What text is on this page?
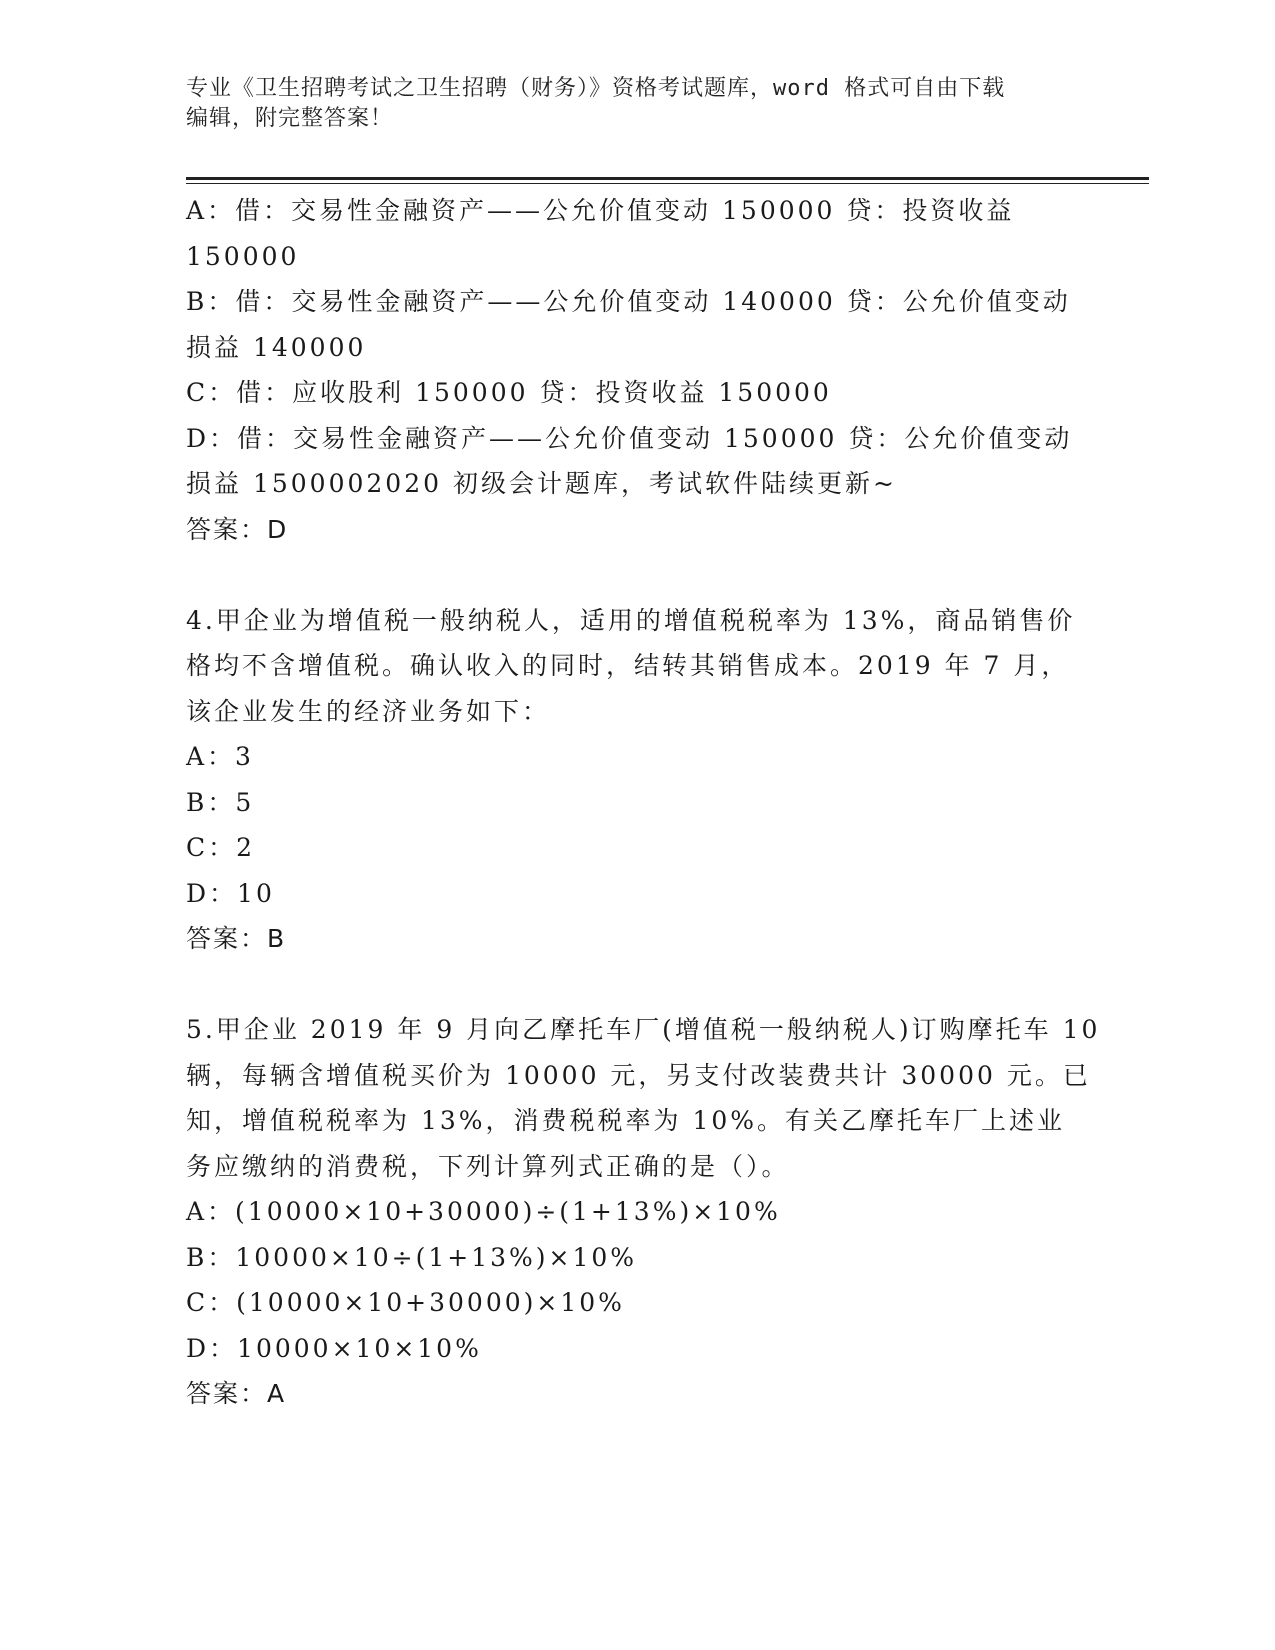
专业《卫生招聘考试之卫生招聘（财务）》资格考试题库，word 格式可自由下载
编辑，附完整答案！
A：借：交易性金融资产——公允价值变动 150000 贷：投资收益
150000
B：借：交易性金融资产——公允价值变动 140000 贷：公允价值变动
损益 140000
C：借：应收股利 150000 贷：投资收益 150000
D：借：交易性金融资产——公允价值变动 150000 贷：公允价值变动
损益 1500002020 初级会计题库，考试软件陆续更新~
答案：D
4.甲企业为增值税一般纳税人，适用的增值税税率为 13%，商品销售价
格均不含增值税。确认收入的同时，结转其销售成本。2019 年 7 月，
该企业发生的经济业务如下：
A：3
B：5
C：2
D：10
答案：B
5.甲企业 2019 年 9 月向乙摩托车厂(增值税一般纳税人)订购摩托车 10
辆，每辆含增值税买价为 10000 元，另支付改装费共计 30000 元。已
知，增值税税率为 13%，消费税税率为 10%。有关乙摩托车厂上述业
务应缴纳的消费税，下列计算列式正确的是（）。
A：(10000×10+30000)÷(1+13%)×10%
B：10000×10÷(1+13%)×10%
C：(10000×10+30000)×10%
D：10000×10×10%
答案：A
